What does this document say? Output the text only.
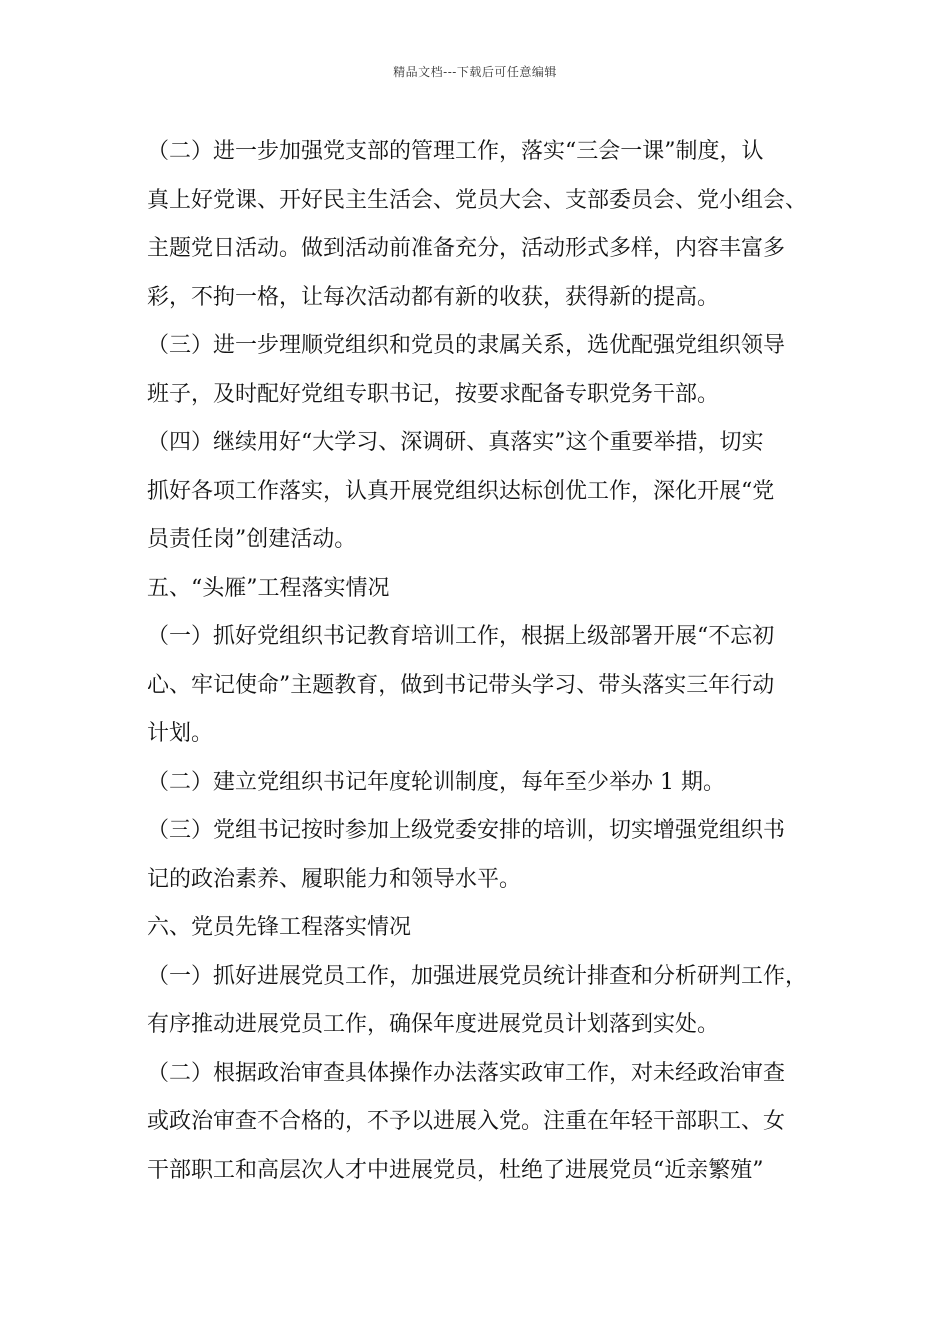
精品文档---下载后可任意编辑
（二）进一步加强党支部的管理工作，落实“三会一课”制度，认
真上好党课、开好民主生活会、党员大会、支部委员会、党小组会、
主题党日活动。做到活动前准备充分，活动形式多样，内容丰富多
彩，不拘一格，让每次活动都有新的收获，获得新的提高。
（三）进一步理顺党组织和党员的隶属关系，选优配强党组织领导
班子，及时配好党组专职书记，按要求配备专职党务干部。
（四）继续用好“大学习、深调研、真落实”这个重要举措，切实
抓好各项工作落实，认真开展党组织达标创优工作，深化开展“党
员责任岗”创建活动。
五、“头雁”工程落实情况
（一）抓好党组织书记教育培训工作，根据上级部署开展“不忘初
心、牢记使命”主题教育，做到书记带头学习、带头落实三年行动
计划。
（二）建立党组织书记年度轮训制度，每年至少举办 1 期。
（三）党组书记按时参加上级党委安排的培训，切实增强党组织书
记的政治素养、履职能力和领导水平。
六、党员先锋工程落实情况
（一）抓好进展党员工作，加强进展党员统计排查和分析研判工作，
有序推动进展党员工作，确保年度进展党员计划落到实处。
（二）根据政治审查具体操作办法落实政审工作，对未经政治审查
或政治审查不合格的，不予以进展入党。注重在年轻干部职工、女
干部职工和高层次人才中进展党员，杜绝了进展党员“近亲繁殖”
